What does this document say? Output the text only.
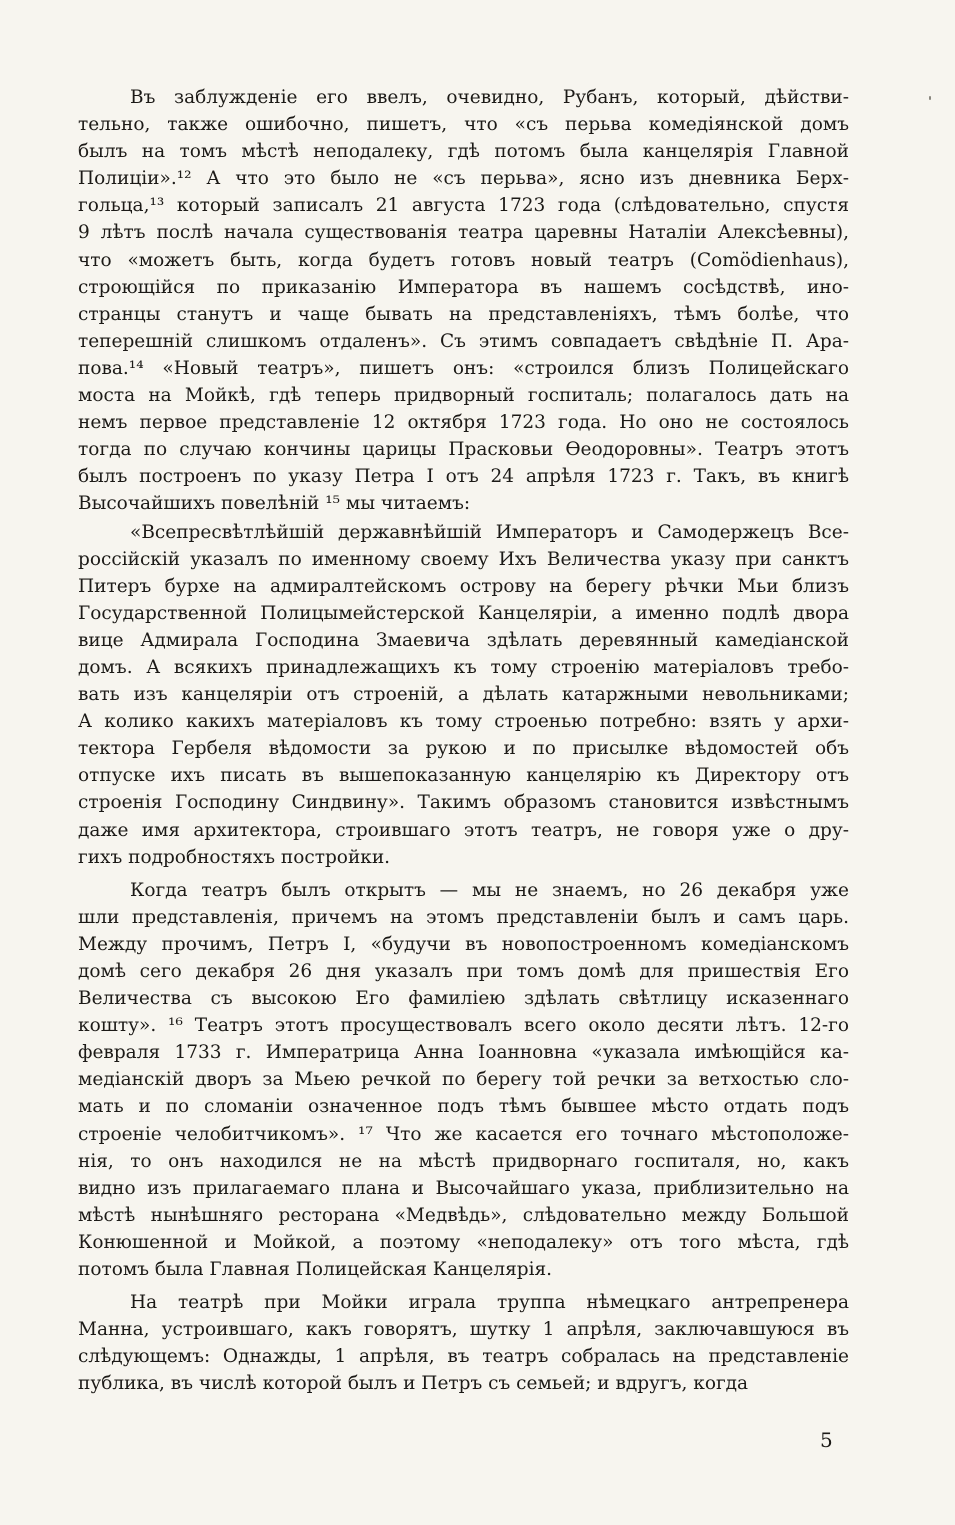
Въ заблужденіе его ввелъ, очевидно, Рубанъ, который, дѣйстви-
тельно, также ошибочно, пишетъ, что «съ перьва комедіянской домъ
былъ на томъ мѣстѣ неподалеку, гдѣ потомъ была канцелярія Главной
Полиціи».¹² А что это было не «съ перьва», ясно изъ дневника Берх-
гольца,¹³ который записалъ 21 августа 1723 года (слѣдовательно, спустя
9 лѣтъ послѣ начала существованія театра царевны Наталіи Алексѣевны),
что «можетъ быть, когда будетъ готовъ новый театръ (Comödienhaus),
строющійся по приказанію Императора въ нашемъ сосѣдствѣ, ино-
странцы станутъ и чаще бывать на представленіяхъ, тѣмъ болѣе, что
теперешній слишкомъ отдаленъ». Съ этимъ совпадаетъ свѣдѣніе П. Ара-
пова.¹⁴ «Новый театръ», пишетъ онъ: «строился близъ Полицейскаго
моста на Мойкѣ, гдѣ теперь придворный госпиталь; полагалось дать на
немъ первое представленіе 12 октября 1723 года. Но оно не состоялось
тогда по случаю кончины царицы Прасковьи Өеодоровны». Театръ этотъ
былъ построенъ по указу Петра I отъ 24 апрѣля 1723 г. Такъ, въ книгѣ
Высочайшихъ повелѣній ¹⁵ мы читаемъ:
«Всепресвѣтлѣйшій державнѣйшій Императоръ и Самодержецъ Все-
россійскій указалъ по именному своему Ихъ Величества указу при санктъ
Питеръ бурхе на адмиралтейскомъ острову на берегу рѣчки Мьи близъ
Государственной Полицымейстерской Канцеляріи, а именно подлѣ двора
вице Адмирала Господина Змаевича здѣлать деревянный камедіанской
домъ. А всякихъ принадлежащихъ къ тому строенію матеріаловъ требо-
вать изъ канцеляріи отъ строеній, а дѣлать катаржными невольниками;
А колико какихъ матеріаловъ къ тому строенью потребно: взять у архи-
тектора Гербеля вѣдомости за рукою и по присылке вѣдомостей объ
отпуске ихъ писать въ вышепоказанную канцелярію къ Директору отъ
строенія Господину Синдвину». Такимъ образомъ становится извѣстнымъ
даже имя архитектора, строившаго этотъ театръ, не говоря уже о дру-
гихъ подробностяхъ постройки.
Когда театръ былъ открытъ — мы не знаемъ, но 26 декабря уже
шли представленія, причемъ на этомъ представленіи былъ и самъ царь.
Между прочимъ, Петръ I, «будучи въ новопостроенномъ комедіанскомъ
домѣ сего декабря 26 дня указалъ при томъ домѣ для пришествія Его
Величества съ высокою Его фамиліею здѣлать свѣтлицу исказеннаго
кошту». ¹⁶ Театръ этотъ просуществовалъ всего около десяти лѣтъ. 12-го
февраля 1733 г. Императрица Анна Іоанновна «указала имѣющійся ка-
медіанскій дворъ за Мьею речкой по берегу той речки за ветхостью сло-
мать и по сломаніи означенное подъ тѣмъ бывшее мѣсто отдать подъ
строеніе челобитчикомъ». ¹⁷ Что же касается его точнаго мѣстоположе-
нія, то онъ находился не на мѣстѣ придворнаго госпиталя, но, какъ
видно изъ прилагаемаго плана и Высочайшаго указа, приблизительно на
мѣстѣ нынѣшняго ресторана «Медвѣдь», слѣдовательно между Большой
Конюшенной и Мойкой, а поэтому «неподалеку» отъ того мѣста, гдѣ
потомъ была Главная Полицейская Канцелярія.
На театрѣ при Мойки играла труппа нѣмецкаго антрепренера
Манна, устроившаго, какъ говорятъ, шутку 1 апрѣля, заключавшуюся въ
слѣдующемъ: Однажды, 1 апрѣля, въ театръ собралась на представленіе
публика, въ числѣ которой былъ и Петръ съ семьей; и вдругъ, когда
5
